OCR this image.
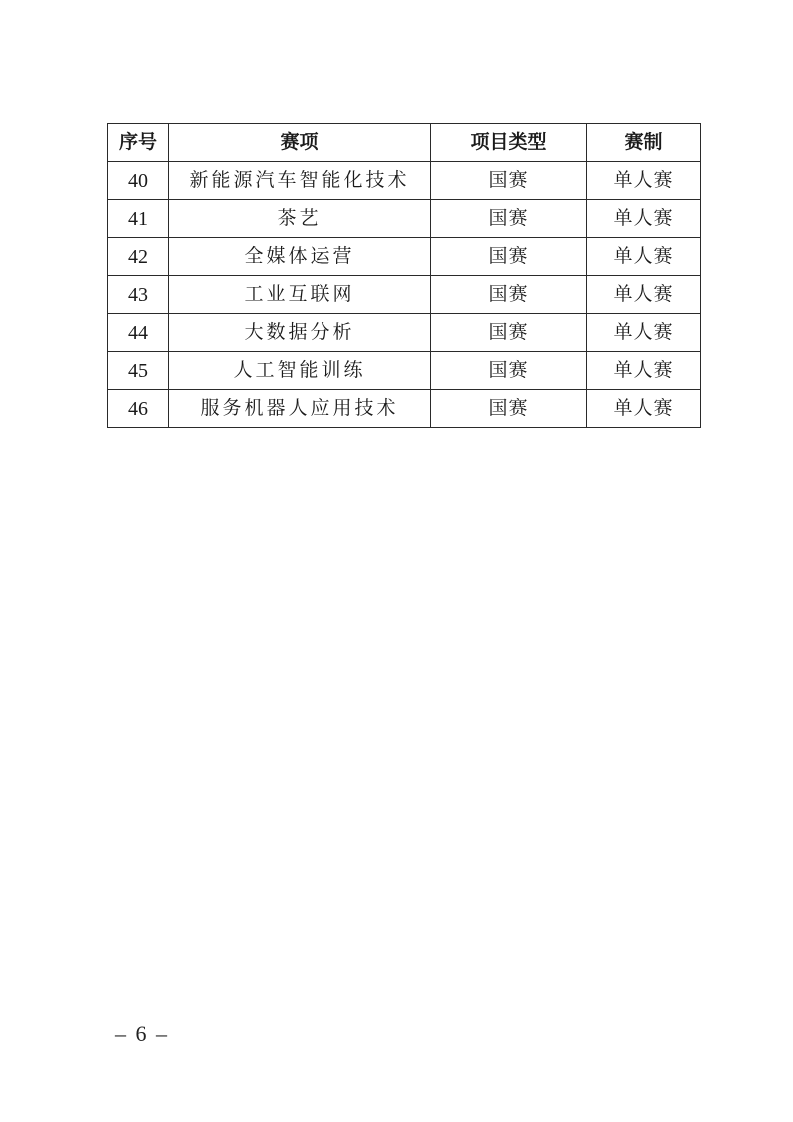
序号	赛项	项目类型	赛制
40	新能源汽车智能化技术	国赛	单人赛
41	茶艺	国赛	单人赛
42	全媒体运营	国赛	单人赛
43	工业互联网	国赛	单人赛
44	大数据分析	国赛	单人赛
45	人工智能训练	国赛	单人赛
46	服务机器人应用技术	国赛	单人赛
– 6 –
